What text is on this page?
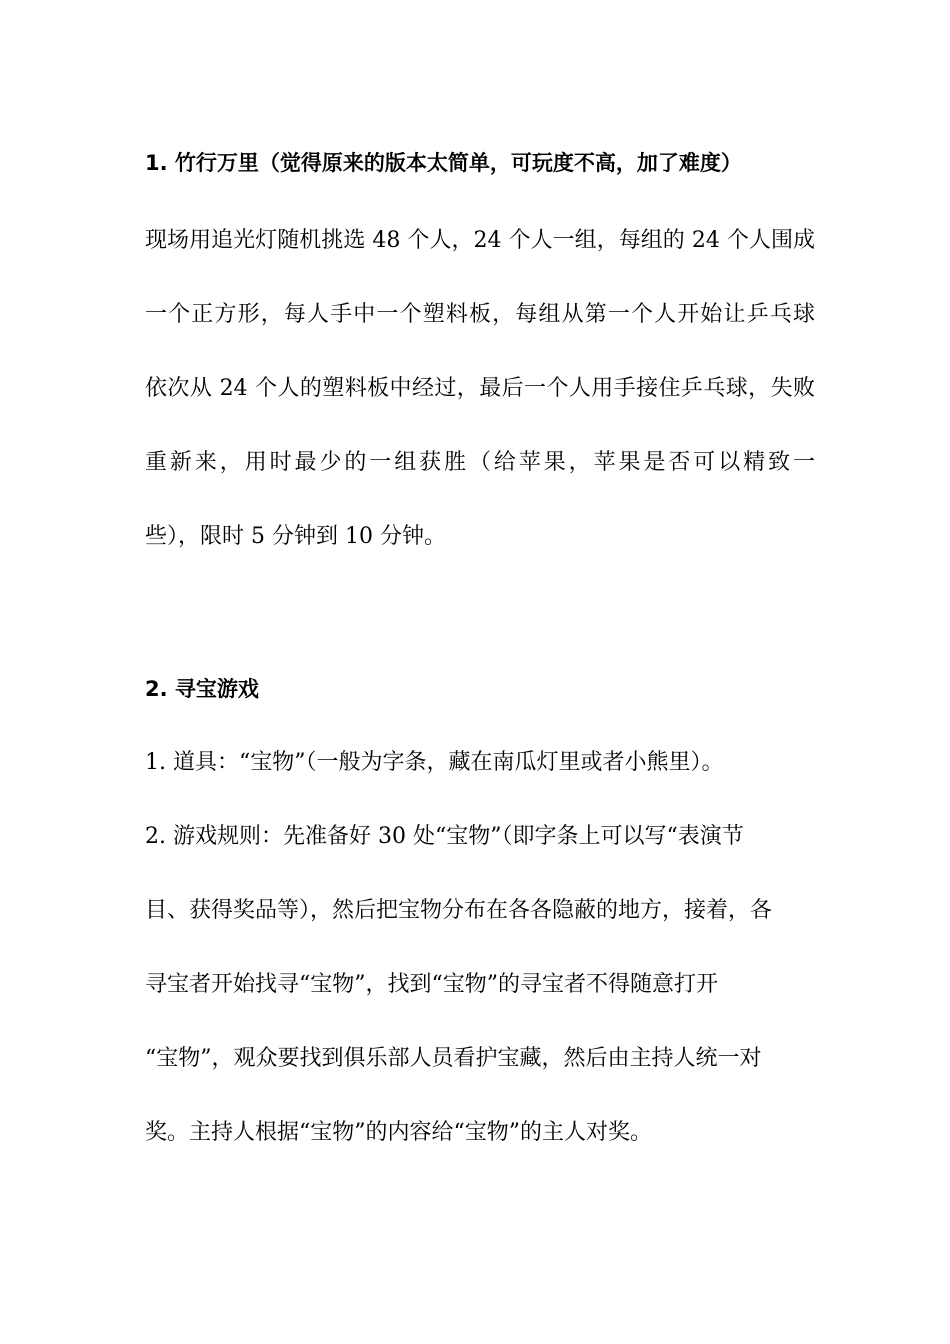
1. 竹行万里（觉得原来的版本太简单，可玩度不高，加了难度）
现场用追光灯随机挑选 48 个人，24 个人一组，每组的 24 个人围成
一个正方形，每人手中一个塑料板，每组从第一个人开始让乒乓球
依次从 24 个人的塑料板中经过，最后一个人用手接住乒乓球，失败
重新来，用时最少的一组获胜（给苹果，苹果是否可以精致一
些），限时 5 分钟到 10 分钟。
2. 寻宝游戏
1. 道具：“宝物”（一般为字条，藏在南瓜灯里或者小熊里）。
2. 游戏规则：先准备好 30 处“宝物”（即字条上可以写“表演节
目、获得奖品等），然后把宝物分布在各各隐蔽的地方，接着，各
寻宝者开始找寻“宝物”，找到“宝物”的寻宝者不得随意打开
“宝物”，观众要找到俱乐部人员看护宝藏，然后由主持人统一对
奖。主持人根据“宝物”的内容给“宝物”的主人对奖。
